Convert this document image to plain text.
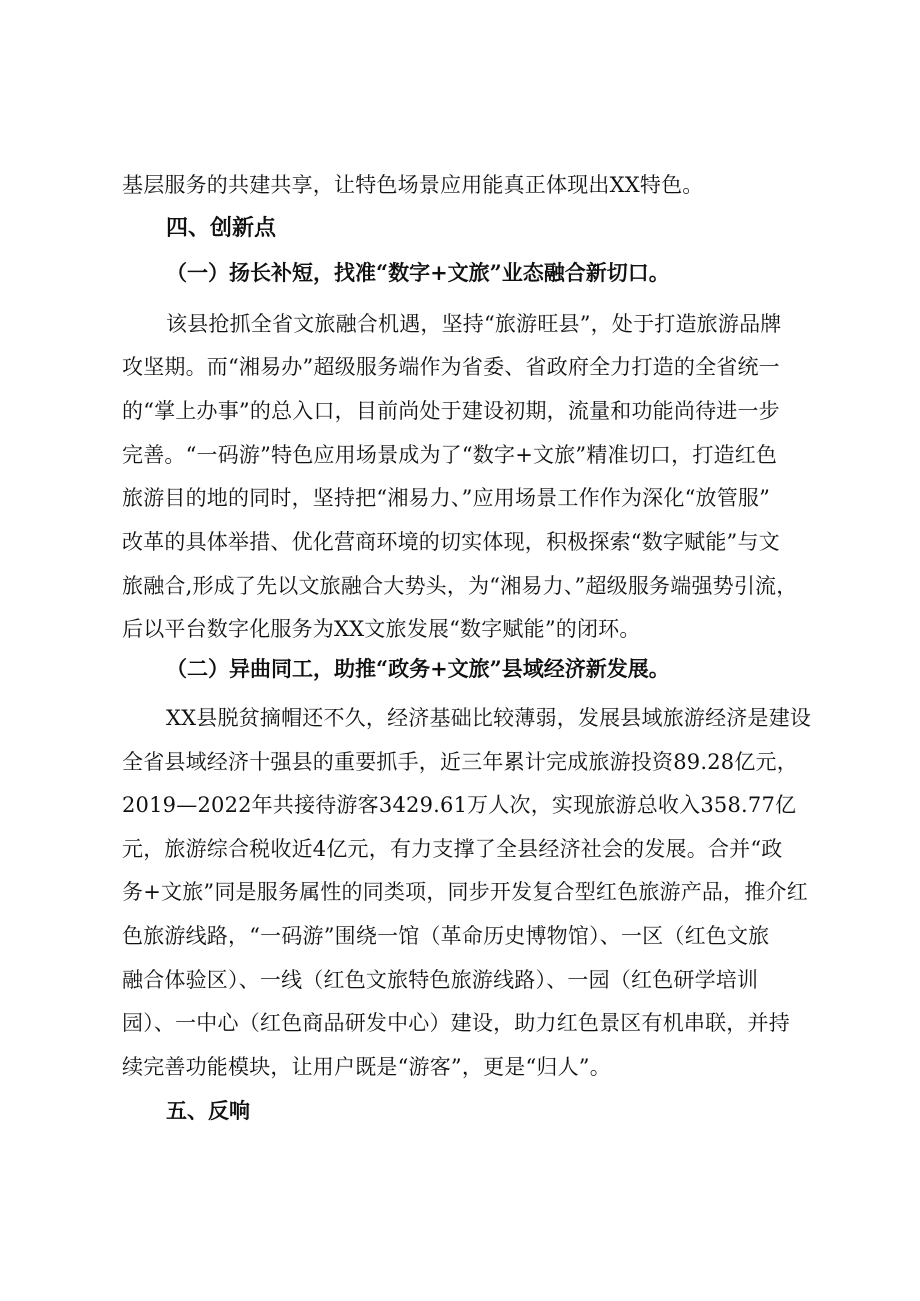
基层服务的共建共享，让特色场景应用能真正体现出XX特色。
四、创新点
（一）扬长补短，找准“数字+文旅”业态融合新切口。
该县抢抓全省文旅融合机遇，坚持“旅游旺县”，处于打造旅游品牌
攻坚期。而“湘易办”超级服务端作为省委、省政府全力打造的全省统一
的“掌上办事”的总入口，目前尚处于建设初期，流量和功能尚待进一步
完善。“一码游”特色应用场景成为了“数字+文旅”精准切口，打造红色
旅游目的地的同时，坚持把“湘易力、”应用场景工作作为深化“放管服”
改革的具体举措、优化营商环境的切实体现，积极探索“数字赋能”与文
旅融合,形成了先以文旅融合大势头，为“湘易力、”超级服务端强势引流，
后以平台数字化服务为XX文旅发展“数字赋能”的闭环。
（二）异曲同工，助推“政务+文旅”县域经济新发展。
XX县脱贫摘帽还不久，经济基础比较薄弱，发展县域旅游经济是建设
全省县域经济十强县的重要抓手，近三年累计完成旅游投资89.28亿元，
2019—2022年共接待游客3429.61万人次，实现旅游总收入358.77亿
元，旅游综合税收近4亿元，有力支撑了全县经济社会的发展。合并“政
务+文旅”同是服务属性的同类项，同步开发复合型红色旅游产品，推介红
色旅游线路，“一码游”围绕一馆（革命历史博物馆）、一区（红色文旅
融合体验区）、一线（红色文旅特色旅游线路）、一园（红色研学培训
园）、一中心（红色商品研发中心）建设，助力红色景区有机串联，并持
续完善功能模块，让用户既是“游客”，更是“归人”。
五、反响
